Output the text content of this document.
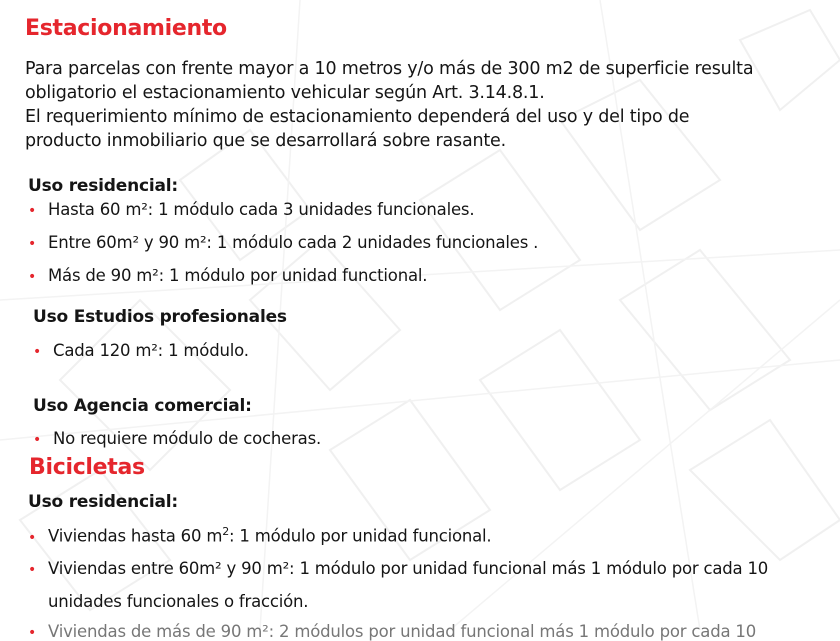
Estacionamiento
Para parcelas con frente mayor a 10 metros y/o más de 300 m2 de superficie resulta
obligatorio el estacionamiento vehicular según Art. 3.14.8.1.
El requerimiento mínimo de estacionamiento dependerá del uso y del tipo de
producto inmobiliario que se desarrollará sobre rasante.
Uso residencial:
• Hasta 60 m²: 1 módulo cada 3 unidades funcionales.
• Entre 60m² y 90 m²: 1 módulo cada 2 unidades funcionales .
• Más de 90 m²: 1 módulo por unidad functional.
Uso Estudios profesionales
• Cada 120 m²: 1 módulo.
Uso Agencia comercial:
• No requiere módulo de cocheras.
Bicicletas
Uso residencial:
• Viviendas hasta 60 $m^2$: 1 módulo por unidad funcional.
• Viviendas entre 60m² y 90 m²: 1 módulo por unidad funcional más 1 módulo por cada 10
unidades funcionales o fracción.
• Viviendas de más de 90 m²: 2 módulos por unidad funcional más 1 módulo por cada 10
